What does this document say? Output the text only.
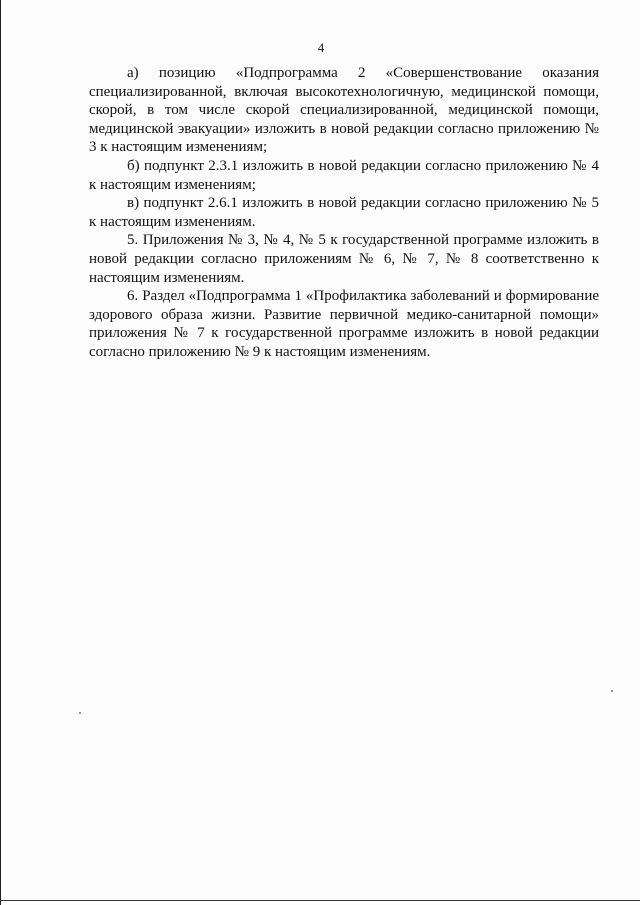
4

а) позицию «Подпрограмма 2 «Совершенствование оказания специализированной, включая высокотехнологичную, медицинской помощи, скорой, в том числе скорой специализированной, медицинской помощи, медицинской эвакуации» изложить в новой редакции согласно приложению № 3 к настоящим изменениям;

б) подпункт 2.3.1 изложить в новой редакции согласно приложению № 4 к настоящим изменениям;

в) подпункт 2.6.1 изложить в новой редакции согласно приложению № 5 к настоящим изменениям.

5. Приложения № 3, № 4, № 5 к государственной программе изложить в новой редакции согласно приложениям № 6, № 7, № 8 соответственно к настоящим изменениям.

6. Раздел «Подпрограмма 1 «Профилактика заболеваний и формирование здорового образа жизни. Развитие первичной медико-санитарной помощи» приложения № 7 к государственной программе изложить в новой редакции согласно приложению № 9 к настоящим изменениям.
